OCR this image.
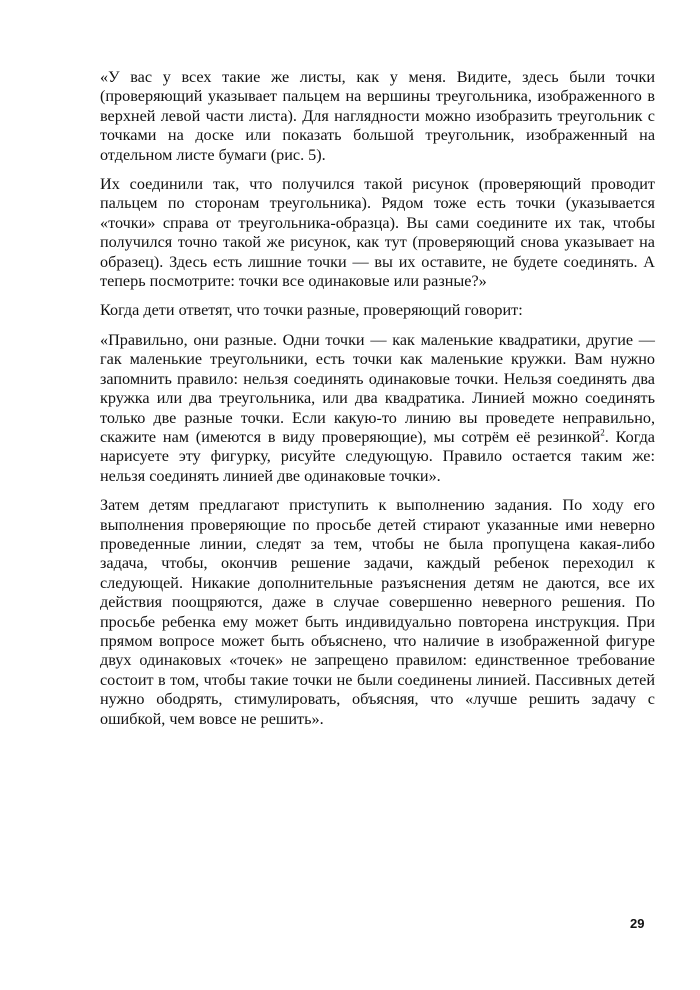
«У вас у всех такие же листы, как у меня. Видите, здесь были точки (проверяющий указывает пальцем на вершины треугольника, изображенного в верхней левой части листа). Для наглядности можно изобразить треугольник с точками на доске или показать большой треугольник, изображенный на отдельном листе бумаги (рис. 5).

Их соединили так, что получился такой рисунок (проверяющий проводит пальцем по сторонам треугольника). Рядом тоже есть точки (указывается «точки» справа от треугольника-образца). Вы сами соедините их так, чтобы получился точно такой же рисунок, как тут (проверяющий снова указывает на образец). Здесь есть лишние точки — вы их оставите, не будете соединять. А теперь посмотрите: точки все одинаковые или разные?»

Когда дети ответят, что точки разные, проверяющий говорит:

«Правильно, они разные. Одни точки — как маленькие квадратики, другие — гак маленькие треугольники, есть точки как маленькие кружки. Вам нужно запомнить правило: нельзя соединять одинаковые точки. Нельзя соединять два кружка или два треугольника, или два квадратика. Линией можно соединять только две разные точки. Если какую-то линию вы проведете неправильно, скажите нам (имеются в виду проверяющие), мы сотрём её резинкой$^2$. Когда нарисуете эту фигурку, рисуйте следующую. Правило остается таким же: нельзя соединять линией две одинаковые точки».

Затем детям предлагают приступить к выполнению задания. По ходу его выполнения проверяющие по просьбе детей стирают указанные ими неверно проведенные линии, следят за тем, чтобы не была пропущена какая-либо задача, чтобы, окончив решение задачи, каждый ребенок переходил к следующей. Никакие дополнительные разъяснения детям не даются, все их действия поощряются, даже в случае совершенно неверного решения. По просьбе ребенка ему может быть индивидуально повторена инструкция. При прямом вопросе может быть объяснено, что наличие в изображенной фигуре двух одинаковых «точек» не запрещено правилом: единственное требование состоит в том, чтобы такие точки не были соединены линией. Пассивных детей нужно ободрять, стимулировать, объясняя, что «лучше решить задачу с ошибкой, чем вовсе не решить».

29
